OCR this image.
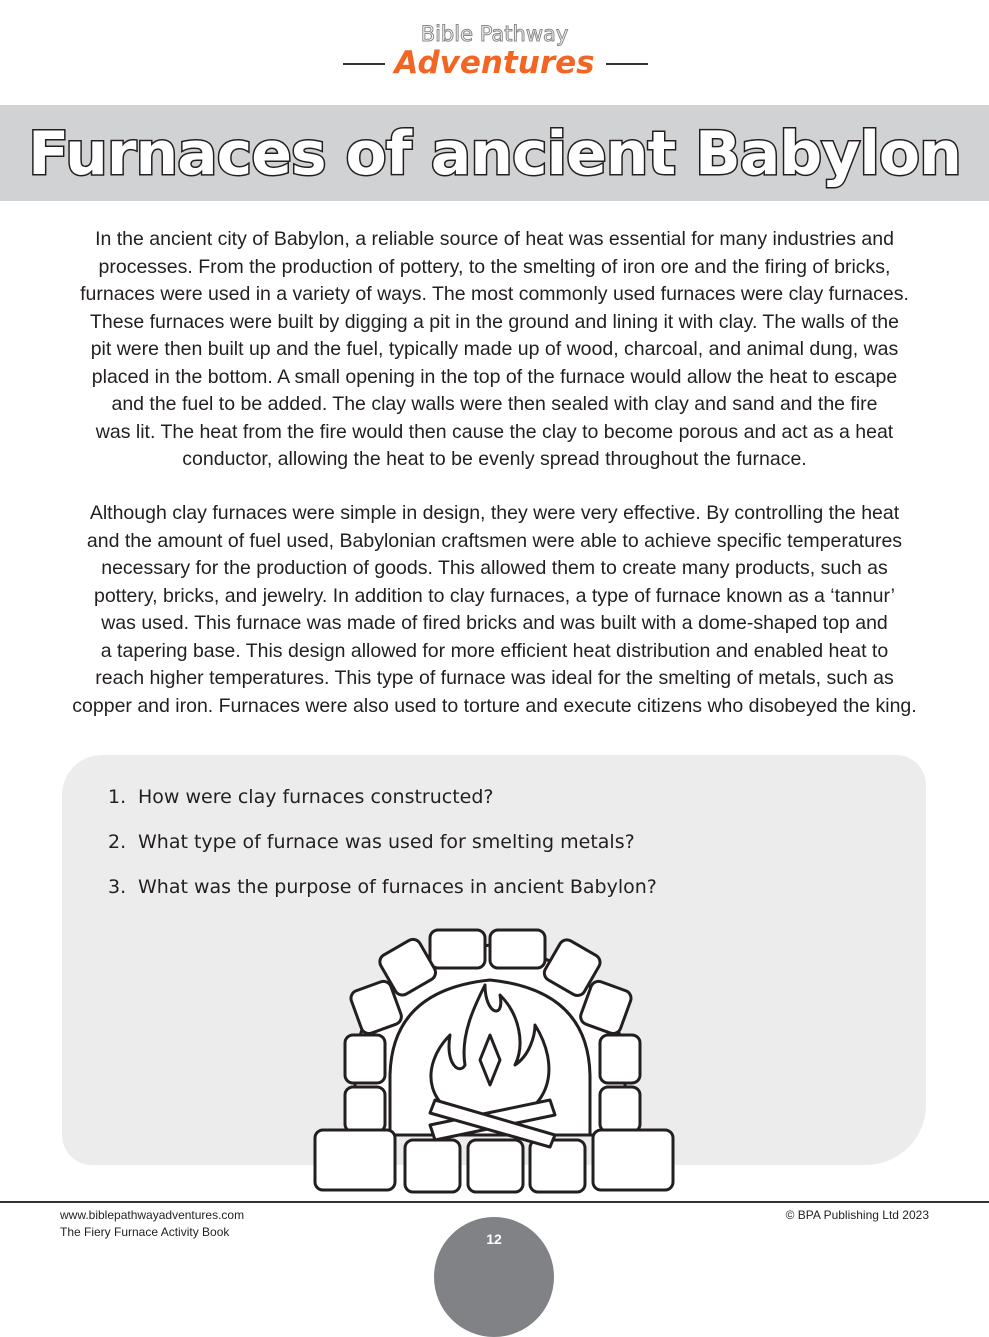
Bible Pathway
Adventures
Furnaces of ancient Babylon
In the ancient city of Babylon, a reliable source of heat was essential for many industries and
processes. From the production of pottery, to the smelting of iron ore and the firing of bricks,
furnaces were used in a variety of ways. The most commonly used furnaces were clay furnaces.
These furnaces were built by digging a pit in the ground and lining it with clay. The walls of the
pit were then built up and the fuel, typically made up of wood, charcoal, and animal dung, was
placed in the bottom. A small opening in the top of the furnace would allow the heat to escape
and the fuel to be added. The clay walls were then sealed with clay and sand and the fire
was lit. The heat from the fire would then cause the clay to become porous and act as a heat
conductor, allowing the heat to be evenly spread throughout the furnace.
Although clay furnaces were simple in design, they were very effective. By controlling the heat
and the amount of fuel used, Babylonian craftsmen were able to achieve specific temperatures
necessary for the production of goods. This allowed them to create many products, such as
pottery, bricks, and jewelry. In addition to clay furnaces, a type of furnace known as a ‘tannur’
was used. This furnace was made of fired bricks and was built with a dome-shaped top and
a tapering base. This design allowed for more efficient heat distribution and enabled heat to
reach higher temperatures. This type of furnace was ideal for the smelting of metals, such as
copper and iron. Furnaces were also used to torture and execute citizens who disobeyed the king.
1. How were clay furnaces constructed?
2. What type of furnace was used for smelting metals?
3. What was the purpose of furnaces in ancient Babylon?
www.biblepathwayadventures.com
The Fiery Furnace Activity Book
© BPA Publishing Ltd 2023
12
